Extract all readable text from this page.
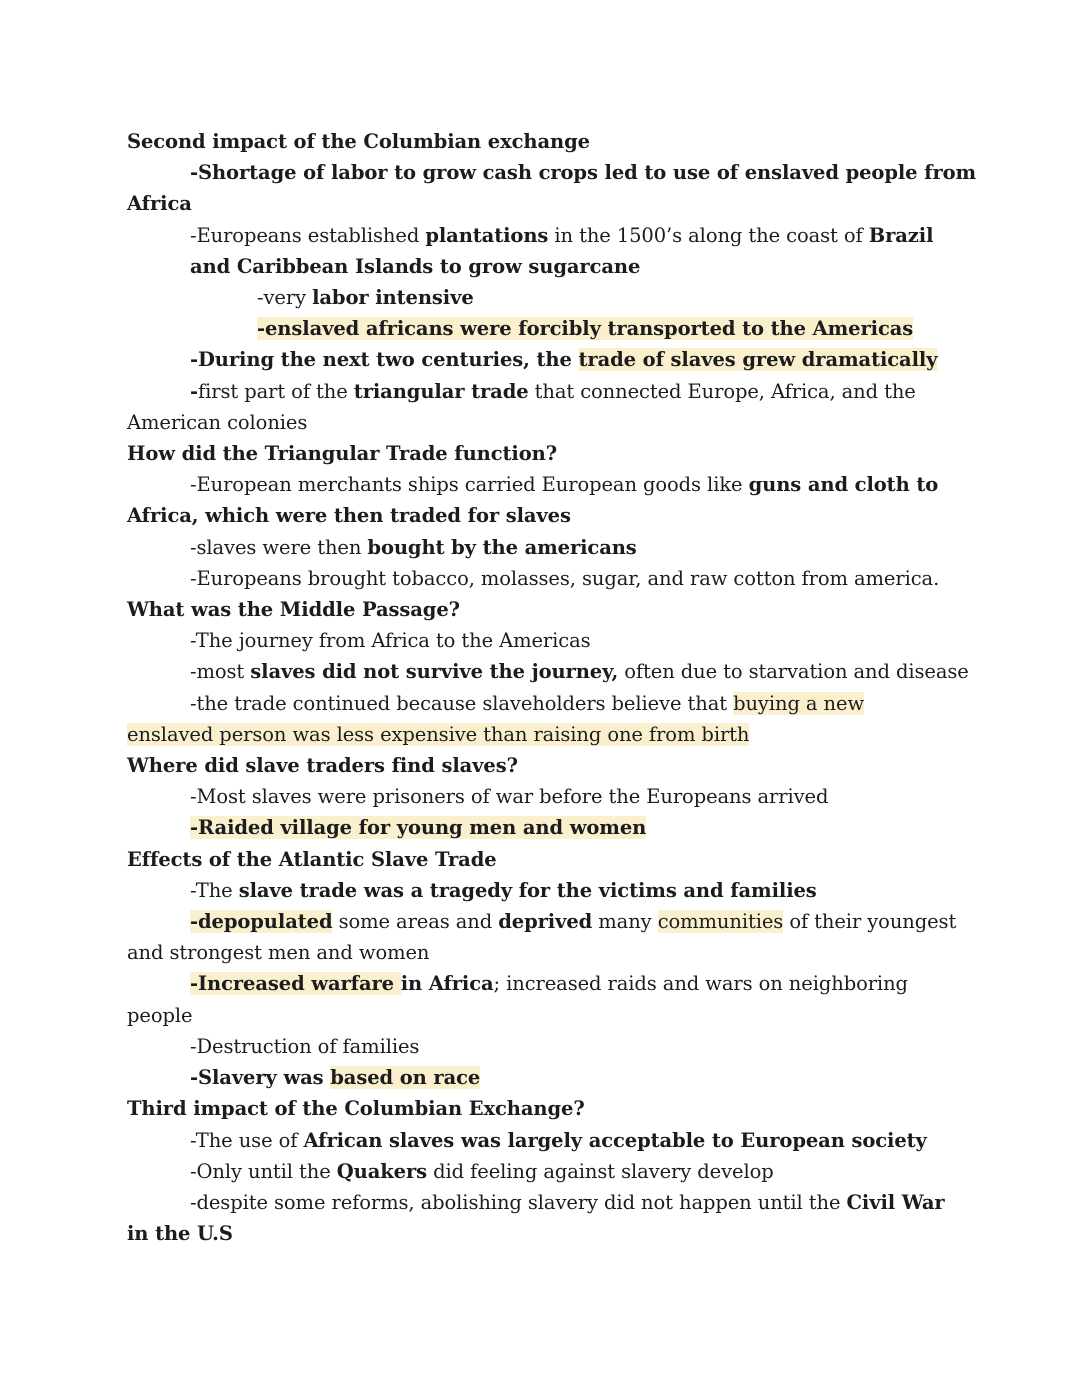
Second impact of the Columbian exchange
-Shortage of labor to grow cash crops led to use of enslaved people from
Africa
-Europeans established plantations in the 1500’s along the coast of Brazil
and Caribbean Islands to grow sugarcane
-very labor intensive
-enslaved africans were forcibly transported to the Americas
-During the next two centuries, the trade of slaves grew dramatically
-first part of the triangular trade that connected Europe, Africa, and the
American colonies
How did the Triangular Trade function?
-European merchants ships carried European goods like guns and cloth to
Africa, which were then traded for slaves
-slaves were then bought by the americans
-Europeans brought tobacco, molasses, sugar, and raw cotton from america.
What was the Middle Passage?
-The journey from Africa to the Americas
-most slaves did not survive the journey, often due to starvation and disease
-the trade continued because slaveholders believe that buying a new
enslaved person was less expensive than raising one from birth
Where did slave traders find slaves?
-Most slaves were prisoners of war before the Europeans arrived
-Raided village for young men and women
Effects of the Atlantic Slave Trade
-The slave trade was a tragedy for the victims and families
-depopulated some areas and deprived many communities of their youngest
and strongest men and women
-Increased warfare in Africa; increased raids and wars on neighboring
people
-Destruction of families
-Slavery was based on race
Third impact of the Columbian Exchange?
-The use of African slaves was largely acceptable to European society
-Only until the Quakers did feeling against slavery develop
-despite some reforms, abolishing slavery did not happen until the Civil War
in the U.S
